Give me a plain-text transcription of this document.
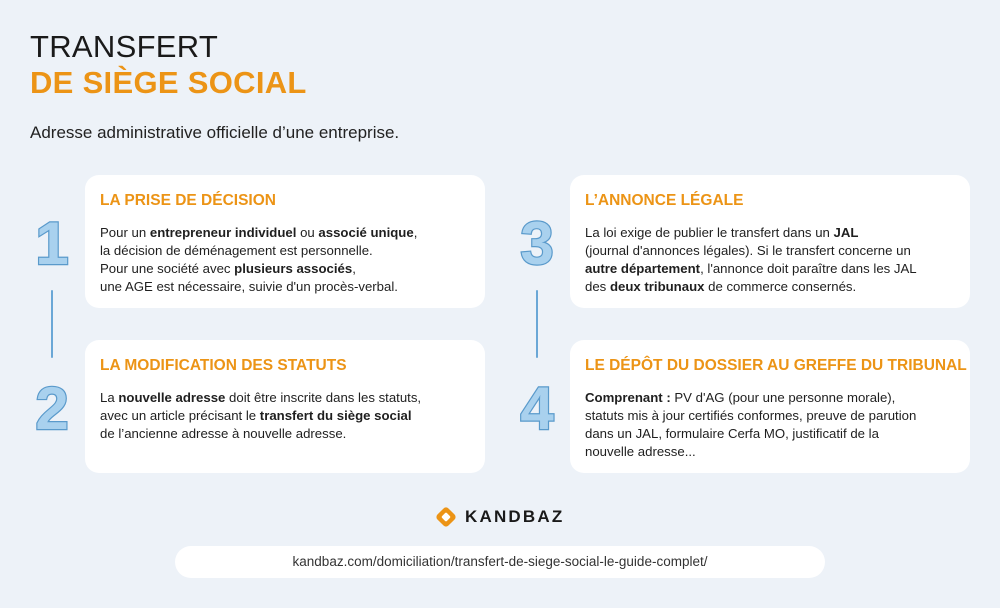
TRANSFERT
DE SIÈGE SOCIAL
Adresse administrative officielle d’une entreprise.
1
2
3
4
LA PRISE DE DÉCISION
Pour un entrepreneur individuel ou associé unique,
la décision de déménagement est personnelle.
Pour une société avec plusieurs associés,
une AGE est nécessaire, suivie d'un procès-verbal.
LA MODIFICATION DES STATUTS
La nouvelle adresse doit être inscrite dans les statuts,
avec un article précisant le transfert du siège social
de l’ancienne adresse à nouvelle adresse.
L’ANNONCE LÉGALE
La loi exige de publier le transfert dans un JAL
(journal d'annonces légales). Si le transfert concerne un
autre département, l'annonce doit paraître dans les JAL
des deux tribunaux de commerce consernés.
LE DÉPÔT DU DOSSIER AU GREFFE DU TRIBUNAL
Comprenant : PV d'AG (pour une personne morale),
statuts mis à jour certifiés conformes, preuve de parution
dans un JAL, formulaire Cerfa MO, justificatif de la
nouvelle adresse...
KANDBAZ
kandbaz.com/domiciliation/transfert-de-siege-social-le-guide-complet/
